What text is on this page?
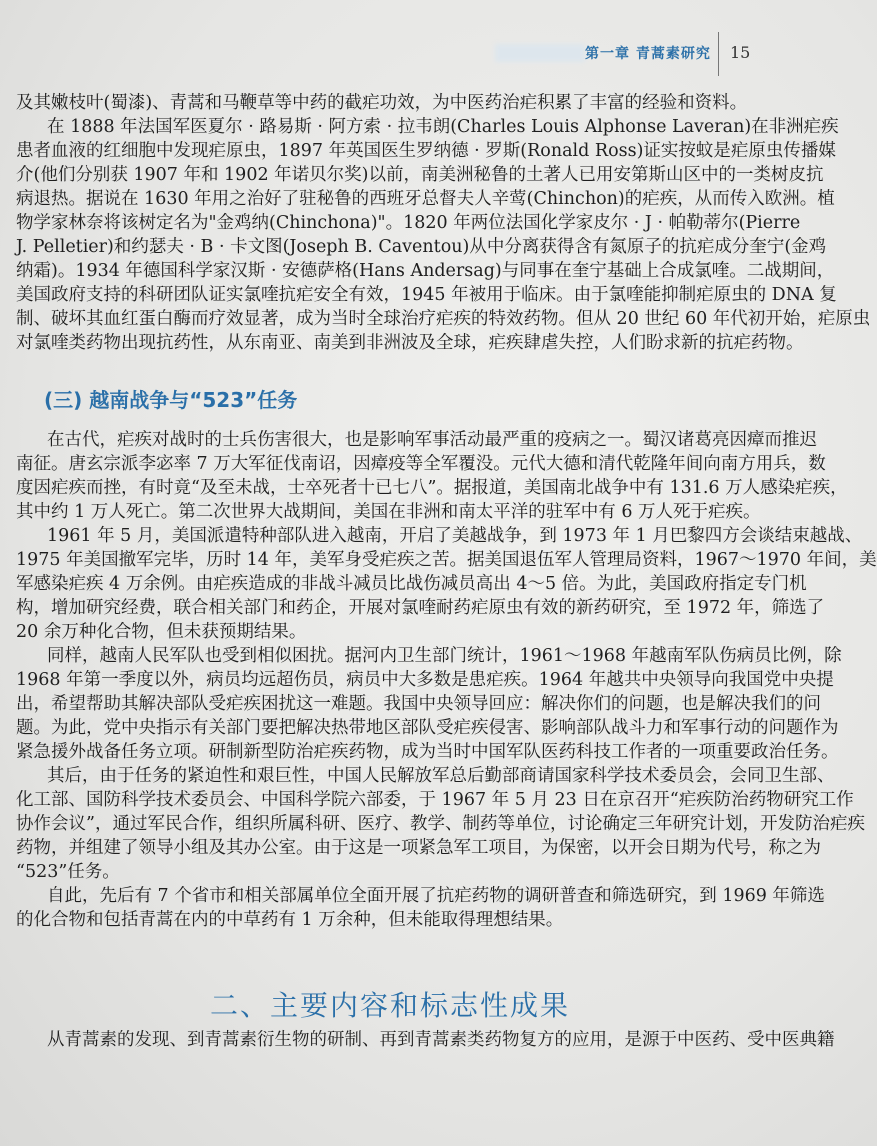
第一章 青蒿素研究 15
及其嫩枝叶(蜀漆)、青蒿和马鞭草等中药的截疟功效，为中医药治疟积累了丰富的经验和资料。
在 1888 年法国军医夏尔 · 路易斯 · 阿方索 · 拉韦朗(Charles Louis Alphonse Laveran)在非洲疟疾
患者血液的红细胞中发现疟原虫，1897 年英国医生罗纳德 · 罗斯(Ronald Ross)证实按蚊是疟原虫传播媒
介(他们分别获 1907 年和 1902 年诺贝尔奖)以前，南美洲秘鲁的土著人已用安第斯山区中的一类树皮抗
病退热。据说在 1630 年用之治好了驻秘鲁的西班牙总督夫人辛莺(Chinchon)的疟疾，从而传入欧洲。植
物学家林奈将该树定名为"金鸡纳(Chinchona)"。1820 年两位法国化学家皮尔 · J · 帕勒蒂尔(Pierre
J. Pelletier)和约瑟夫 · B · 卡文图(Joseph B. Caventou)从中分离获得含有氮原子的抗疟成分奎宁(金鸡
纳霜)。1934 年德国科学家汉斯 · 安德萨格(Hans Andersag)与同事在奎宁基础上合成氯喹。二战期间，
美国政府支持的科研团队证实氯喹抗疟安全有效，1945 年被用于临床。由于氯喹能抑制疟原虫的 DNA 复
制、破坏其血红蛋白酶而疗效显著，成为当时全球治疗疟疾的特效药物。但从 20 世纪 60 年代初开始，疟原虫
对氯喹类药物出现抗药性，从东南亚、南美到非洲波及全球，疟疾肆虐失控，人们盼求新的抗疟药物。
(三) 越南战争与“523”任务
在古代，疟疾对战时的士兵伤害很大，也是影响军事活动最严重的疫病之一。蜀汉诸葛亮因瘴而推迟
南征。唐玄宗派李宓率 7 万大军征伐南诏，因瘴疫等全军覆没。元代大德和清代乾隆年间向南方用兵，数
度因疟疾而挫，有时竟“及至未战，士卒死者十已七八”。据报道，美国南北战争中有 131.6 万人感染疟疾，
其中约 1 万人死亡。第二次世界大战期间，美国在非洲和南太平洋的驻军中有 6 万人死于疟疾。
1961 年 5 月，美国派遣特种部队进入越南，开启了美越战争，到 1973 年 1 月巴黎四方会谈结束越战、
1975 年美国撤军完毕，历时 14 年，美军身受疟疾之苦。据美国退伍军人管理局资料，1967～1970 年间，美
军感染疟疾 4 万余例。由疟疾造成的非战斗减员比战伤减员高出 4～5 倍。为此，美国政府指定专门机
构，增加研究经费，联合相关部门和药企，开展对氯喹耐药疟原虫有效的新药研究，至 1972 年，筛选了
20 余万种化合物，但未获预期结果。
同样，越南人民军队也受到相似困扰。据河内卫生部门统计，1961～1968 年越南军队伤病员比例，除
1968 年第一季度以外，病员均远超伤员，病员中大多数是患疟疾。1964 年越共中央领导向我国党中央提
出，希望帮助其解决部队受疟疾困扰这一难题。我国中央领导回应：解决你们的问题，也是解决我们的问
题。为此，党中央指示有关部门要把解决热带地区部队受疟疾侵害、影响部队战斗力和军事行动的问题作为
紧急援外战备任务立项。研制新型防治疟疾药物，成为当时中国军队医药科技工作者的一项重要政治任务。
其后，由于任务的紧迫性和艰巨性，中国人民解放军总后勤部商请国家科学技术委员会，会同卫生部、
化工部、国防科学技术委员会、中国科学院六部委，于 1967 年 5 月 23 日在京召开“疟疾防治药物研究工作
协作会议”，通过军民合作，组织所属科研、医疗、教学、制药等单位，讨论确定三年研究计划，开发防治疟疾
药物，并组建了领导小组及其办公室。由于这是一项紧急军工项目，为保密，以开会日期为代号，称之为
“523”任务。
自此，先后有 7 个省市和相关部属单位全面开展了抗疟药物的调研普查和筛选研究，到 1969 年筛选
的化合物和包括青蒿在内的中草药有 1 万余种，但未能取得理想结果。
二、主要内容和标志性成果
从青蒿素的发现、到青蒿素衍生物的研制、再到青蒿素类药物复方的应用，是源于中医药、受中医典籍
